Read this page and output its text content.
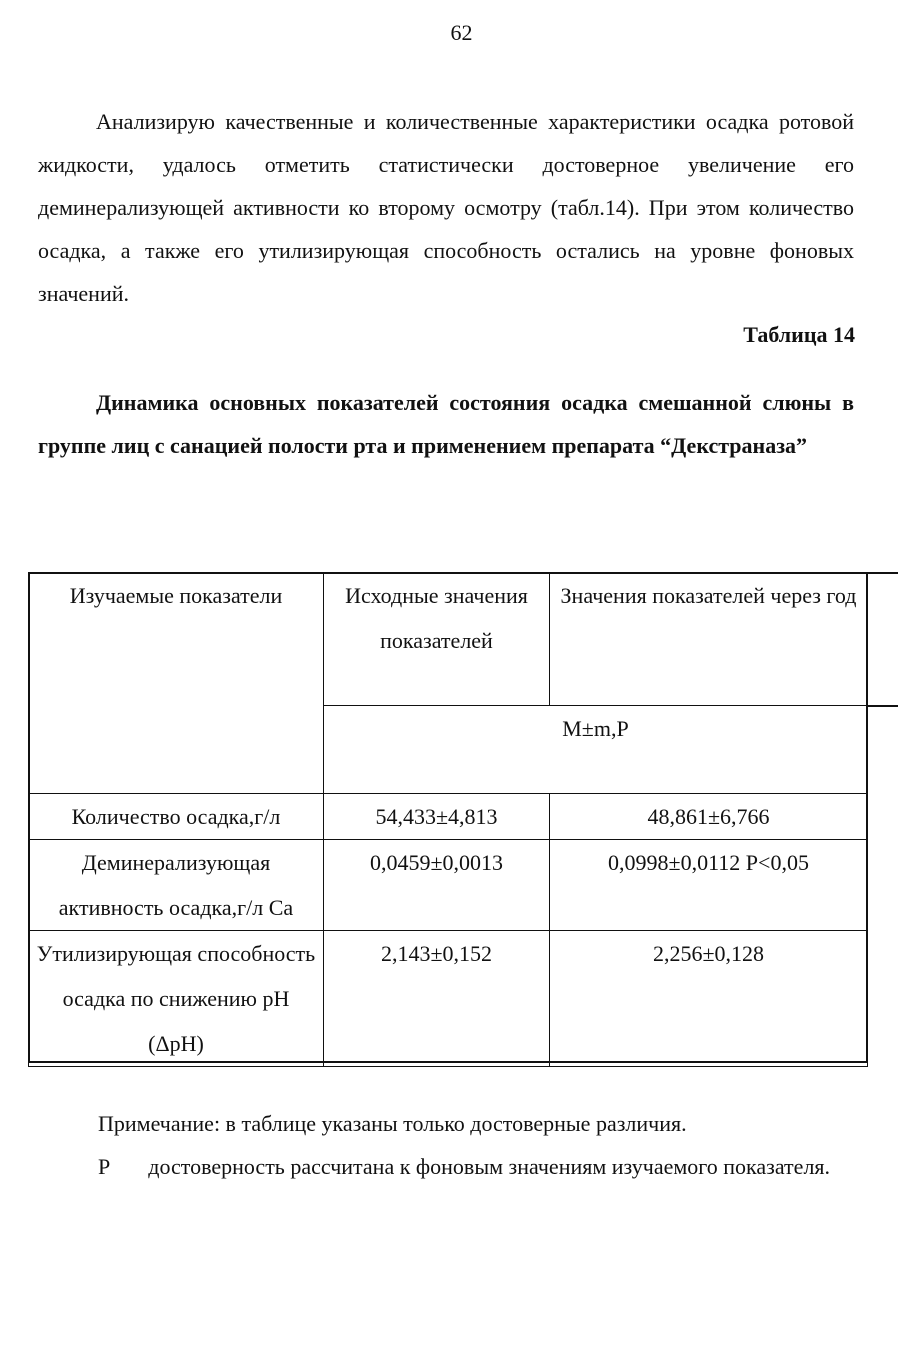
62

Анализирую качественные и количественные характеристики осадка ротовой жидкости, удалось отметить статистически достоверное увеличение его деминерализующей активности ко второму осмотру (табл.14). При этом количество осадка, а также его утилизирующая способность остались на уровне фоновых значений.

Таблица 14

Динамика основных показателей состояния осадка смешанной слюны в группе лиц с санацией полости рта и применением препарата “Декстраназа”

Изучаемые показатели	Исходные значения показателей	Значения показателей через год
	M±m,P	
Количество осадка,г/л	54,433±4,813	48,861±6,766
Деминерализующая активность осадка,г/л Са	0,0459±0,0013	0,0998±0,0112 Р<0,05
Утилизирующая способность осадка по снижению рН (ΔрН)	2,143±0,152	2,256±0,128

Примечание: в таблице указаны только достоверные различия.

Р достоверность рассчитана к фоновым значениям изучаемого показателя.
